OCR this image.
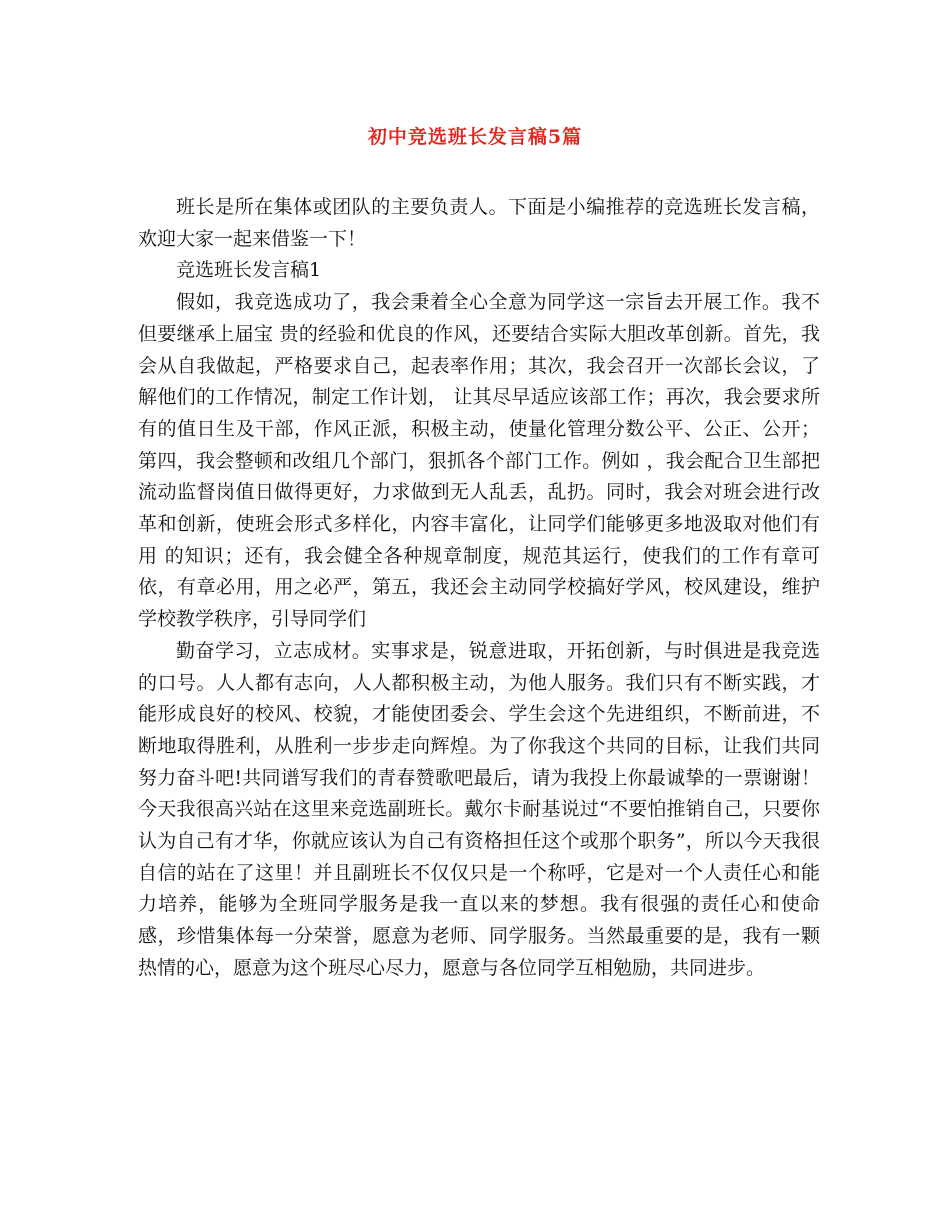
初中竞选班长发言稿5篇

班长是所在集体或团队的主要负责人。下面是小编推荐的竞选班长发言稿，欢迎大家一起来借鉴一下！

竞选班长发言稿1

假如，我竞选成功了，我会秉着全心全意为同学这一宗旨去开展工作。我不但要继承上届宝 贵的经验和优良的作风，还要结合实际大胆改革创新。首先，我会从自我做起，严格要求自己，起表率作用；其次，我会召开一次部长会议，了解他们的工作情况，制定工作计划， 让其尽早适应该部工作；再次，我会要求所有的值日生及干部，作风正派，积极主动，使量化管理分数公平、公正、公开；第四，我会整顿和改组几个部门，狠抓各个部门工作。例如 ，我会配合卫生部把流动监督岗值日做得更好，力求做到无人乱丢，乱扔。同时，我会对班会进行改革和创新，使班会形式多样化，内容丰富化，让同学们能够更多地汲取对他们有用 的知识；还有，我会健全各种规章制度，规范其运行，使我们的工作有章可依，有章必用，用之必严，第五，我还会主动同学校搞好学风，校风建设，维护学校教学秩序，引导同学们

勤奋学习，立志成材。实事求是，锐意进取，开拓创新，与时俱进是我竞选的口号。人人都有志向，人人都积极主动，为他人服务。我们只有不断实践，才能形成良好的校风、校貌，才能使团委会、学生会这个先进组织，不断前进，不断地取得胜利，从胜利一步步走向辉煌。为了你我这个共同的目标，让我们共同努力奋斗吧!共同谱写我们的青春赞歌吧最后，请为我投上你最诚挚的一票谢谢！ 今天我很高兴站在这里来竞选副班长。戴尔卡耐基说过“不要怕推销自己，只要你认为自己有才华，你就应该认为自己有资格担任这个或那个职务”，所以今天我很自信的站在了这里！并且副班长不仅仅只是一个称呼，它是对一个人责任心和能力培养，能够为全班同学服务是我一直以来的梦想。我有很强的责任心和使命感，珍惜集体每一分荣誉，愿意为老师、同学服务。当然最重要的是，我有一颗热情的心，愿意为这个班尽心尽力，愿意与各位同学互相勉励，共同进步。
